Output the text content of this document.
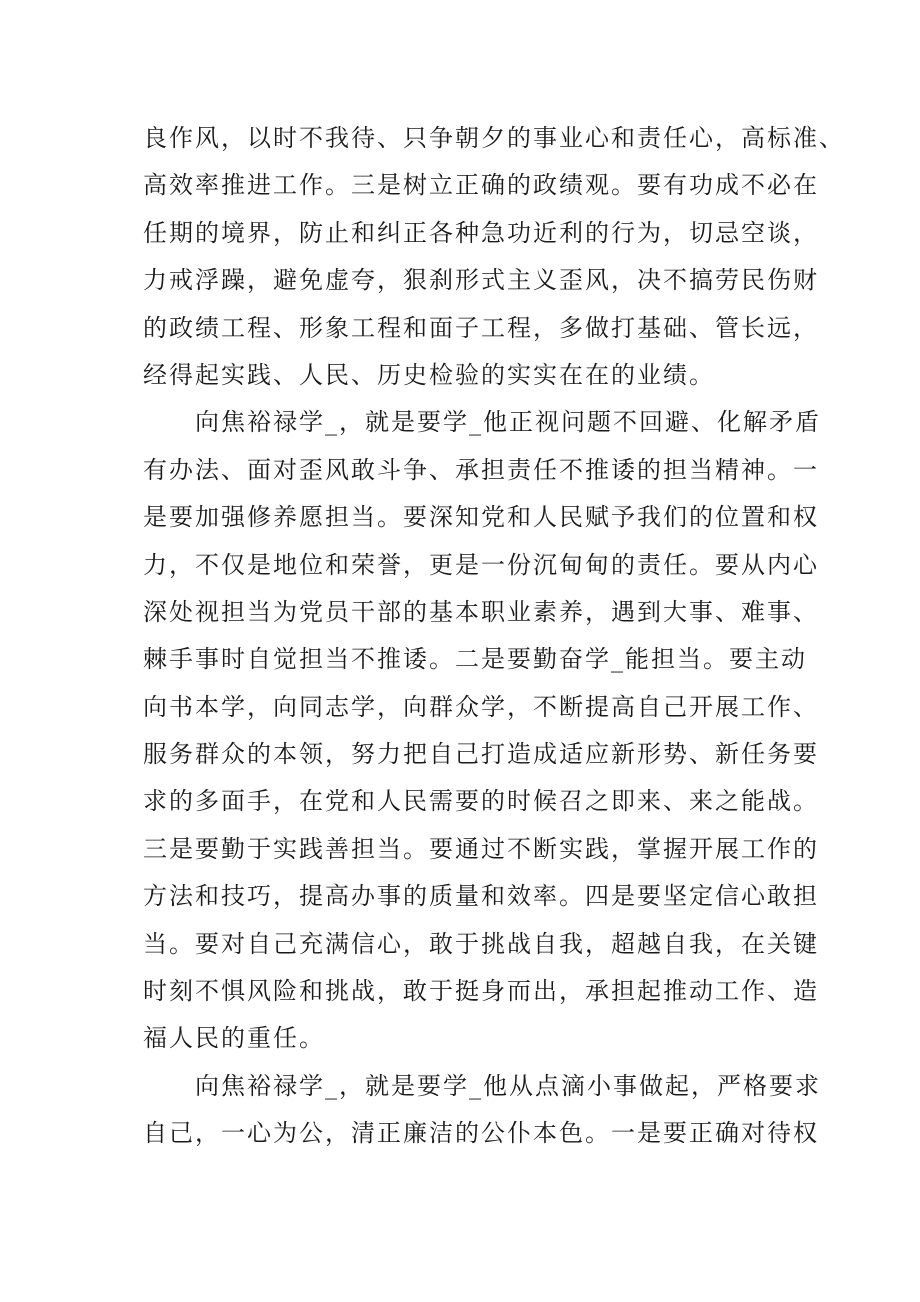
良作风，以时不我待、只争朝夕的事业心和责任心，高标准、

高效率推进工作。三是树立正确的政绩观。要有功成不必在

任期的境界，防止和纠正各种急功近利的行为，切忌空谈，

力戒浮躁，避免虚夸，狠刹形式主义歪风，决不搞劳民伤财

的政绩工程、形象工程和面子工程，多做打基础、管长远，

经得起实践、人民、历史检验的实实在在的业绩。

　　向焦裕禄学_，就是要学_他正视问题不回避、化解矛盾

有办法、面对歪风敢斗争、承担责任不推诿的担当精神。一

是要加强修养愿担当。要深知党和人民赋予我们的位置和权

力，不仅是地位和荣誉，更是一份沉甸甸的责任。要从内心

深处视担当为党员干部的基本职业素养，遇到大事、难事、

棘手事时自觉担当不推诿。二是要勤奋学_能担当。要主动

向书本学，向同志学，向群众学，不断提高自己开展工作、

服务群众的本领，努力把自己打造成适应新形势、新任务要

求的多面手，在党和人民需要的时候召之即来、来之能战。

三是要勤于实践善担当。要通过不断实践，掌握开展工作的

方法和技巧，提高办事的质量和效率。四是要坚定信心敢担

当。要对自己充满信心，敢于挑战自我，超越自我，在关键

时刻不惧风险和挑战，敢于挺身而出，承担起推动工作、造

福人民的重任。

　　向焦裕禄学_，就是要学_他从点滴小事做起，严格要求

自己，一心为公，清正廉洁的公仆本色。一是要正确对待权
